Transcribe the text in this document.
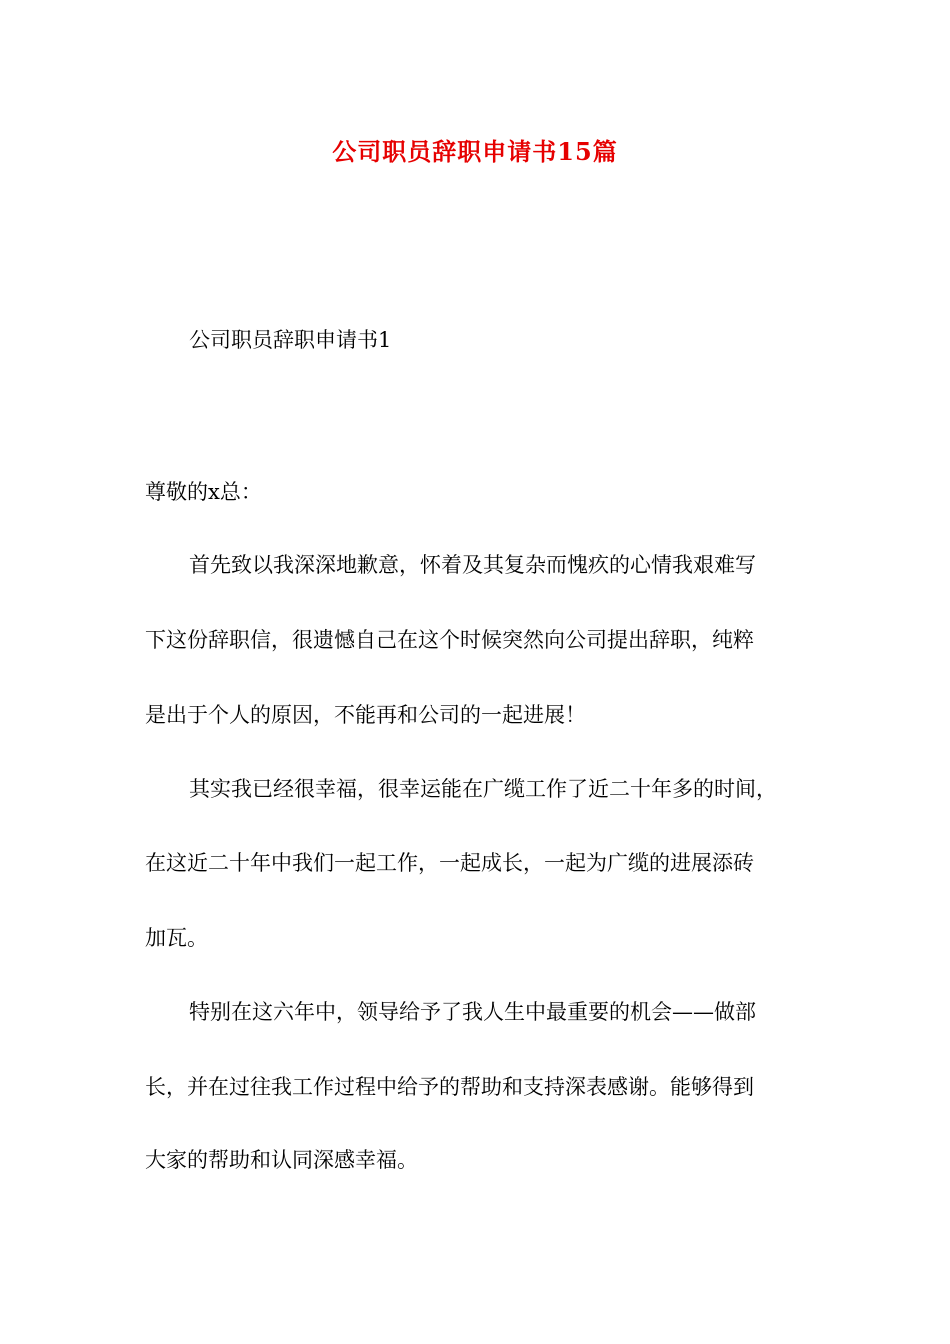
公司职员辞职申请书15篇
公司职员辞职申请书1
尊敬的x总：
首先致以我深深地歉意，怀着及其复杂而愧疚的心情我艰难写
下这份辞职信，很遗憾自己在这个时候突然向公司提出辞职，纯粹
是出于个人的原因，不能再和公司的一起进展！
其实我已经很幸福，很幸运能在广缆工作了近二十年多的时间，
在这近二十年中我们一起工作，一起成长，一起为广缆的进展添砖
加瓦。
特别在这六年中，领导给予了我人生中最重要的机会——做部
长，并在过往我工作过程中给予的帮助和支持深表感谢。能够得到
大家的帮助和认同深感幸福。
